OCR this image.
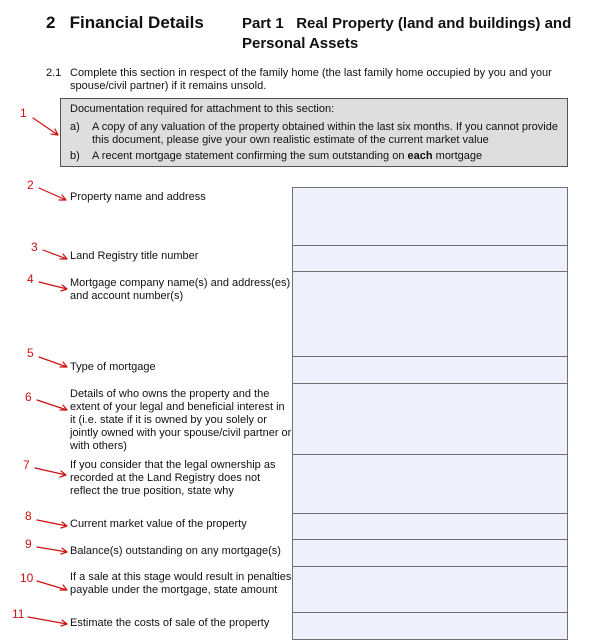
2 Financial Details	Part 1 Real Property (land and buildings) and Personal Assets
2.1 Complete this section in respect of the family home (the last family home occupied by you and your spouse/civil partner) if it remains unsold.
Documentation required for attachment to this section:
a) A copy of any valuation of the property obtained within the last six months. If you cannot provide this document, please give your own realistic estimate of the current market value
b) A recent mortgage statement confirming the sum outstanding on each mortgage
1
2
3
4
5
6
7
8
9
10
11
Property name and address
Land Registry title number
Mortgage company name(s) and address(es) and account number(s)
Type of mortgage
Details of who owns the property and the extent of your legal and beneficial interest in it (i.e. state if it is owned by you solely or jointly owned with your spouse/civil partner or with others)
If you consider that the legal ownership as recorded at the Land Registry does not reflect the true position, state why
Current market value of the property
Balance(s) outstanding on any mortgage(s)
If a sale at this stage would result in penalties payable under the mortgage, state amount
Estimate the costs of sale of the property
